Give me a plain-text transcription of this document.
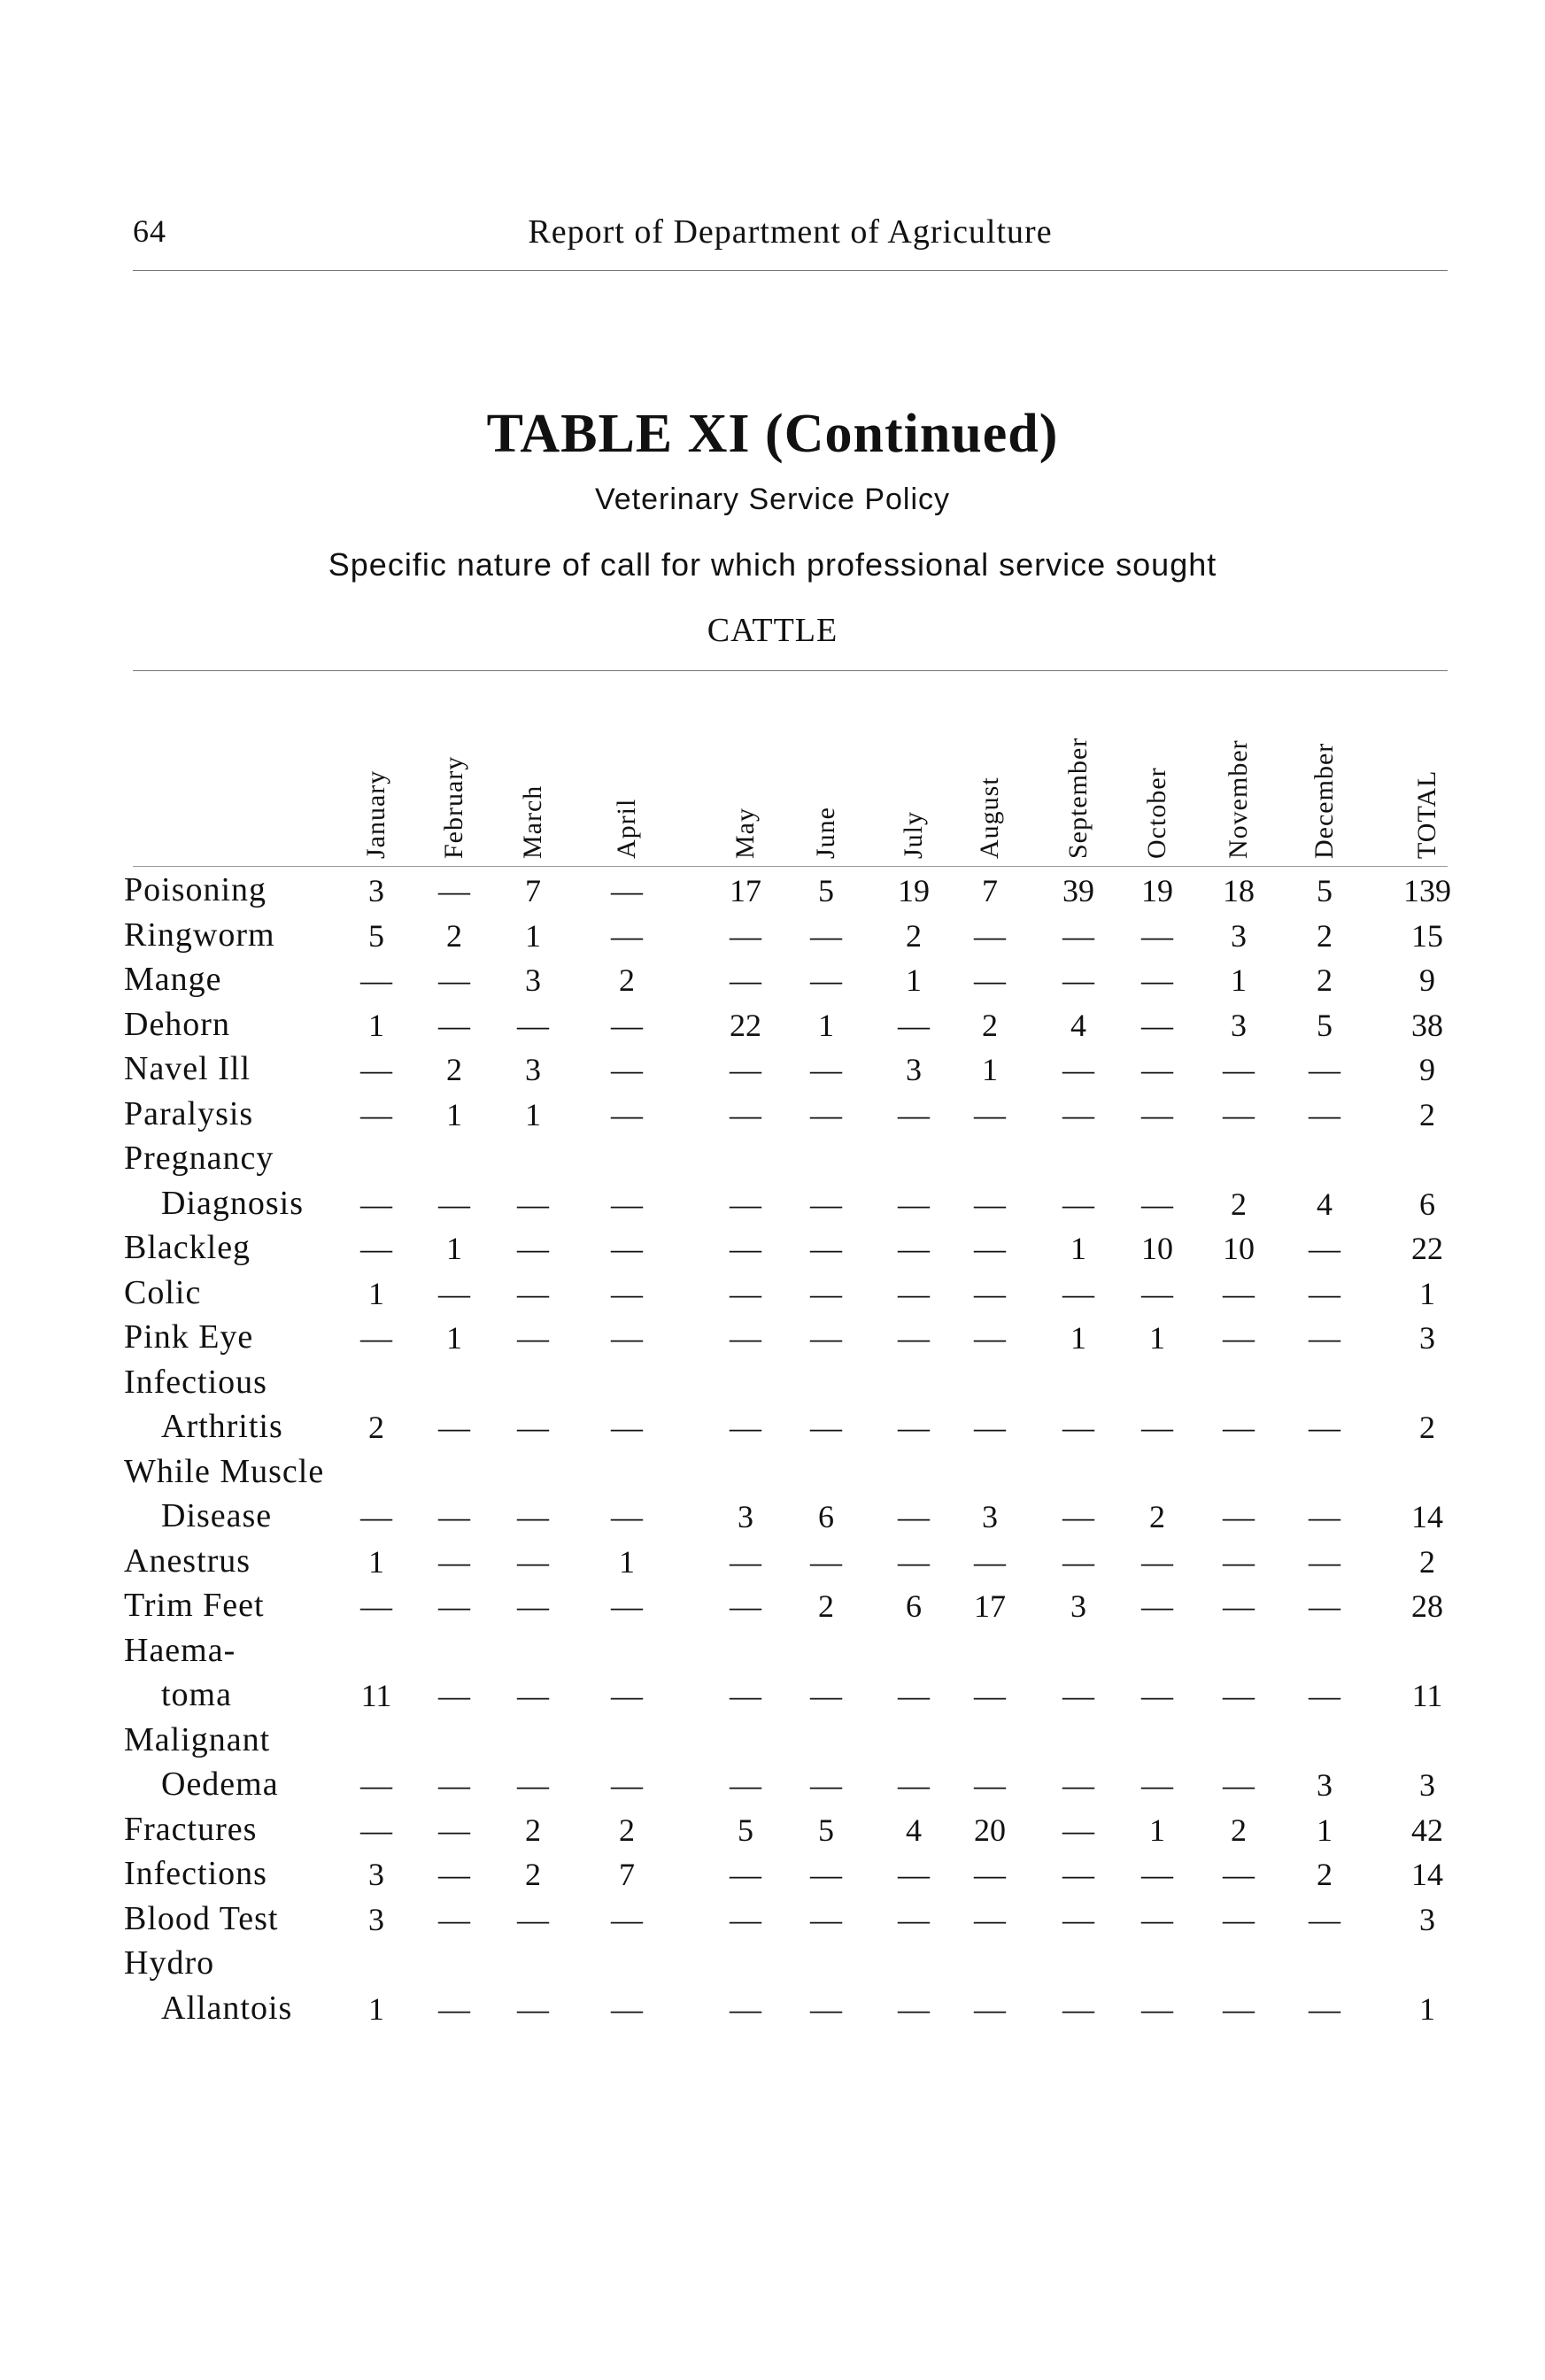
64	Report of Department of Agriculture
TABLE XI (Continued)
Veterinary Service Policy
Specific nature of call for which professional service sought
CATTLE
January February March April	May June July August September October November December	TOTAL
Poisoning	3	—	7	—	17	5	19	7	39	19	18	5	139
Ringworm	5	2	1	—	—	—	2	—	—	—	3	2	15
Mange	—	—	3	2	—	—	1	—	—	—	1	2	9
Dehorn	1	—	—	—	22	1	—	2	4	—	3	5	38
Navel Ill	—	2	3	—	—	—	3	1	—	—	—	—	9
Paralysis	—	1	1	—	—	—	—	—	—	—	—	—	2
Pregnancy
Diagnosis	—	—	—	—	—	—	—	—	—	—	2	4	6
Blackleg	—	1	—	—	—	—	—	—	1	10	10	—	22
Colic	1	—	—	—	—	—	—	—	—	—	—	—	1
Pink Eye	—	1	—	—	—	—	—	—	1	1	—	—	3
Infectious
Arthritis	2	—	—	—	—	—	—	—	—	—	—	—	2
While Muscle
Disease	—	—	—	—	3	6	—	3	—	2	—	—	14
Anestrus	1	—	—	1	—	—	—	—	—	—	—	—	2
Trim Feet	—	—	—	—	—	2	6	17	3	—	—	—	28
Haema-
toma	11	—	—	—	—	—	—	—	—	—	—	—	11
Malignant
Oedema	—	—	—	—	—	—	—	—	—	—	—	3	3
Fractures	—	—	2	2	5	5	4	20	—	1	2	1	42
Infections	3	—	2	7	—	—	—	—	—	—	—	2	14
Blood Test	3	—	—	—	—	—	—	—	—	—	—	—	3
Hydro
Allantois	1	—	—	—	—	—	—	—	—	—	—	—	1
